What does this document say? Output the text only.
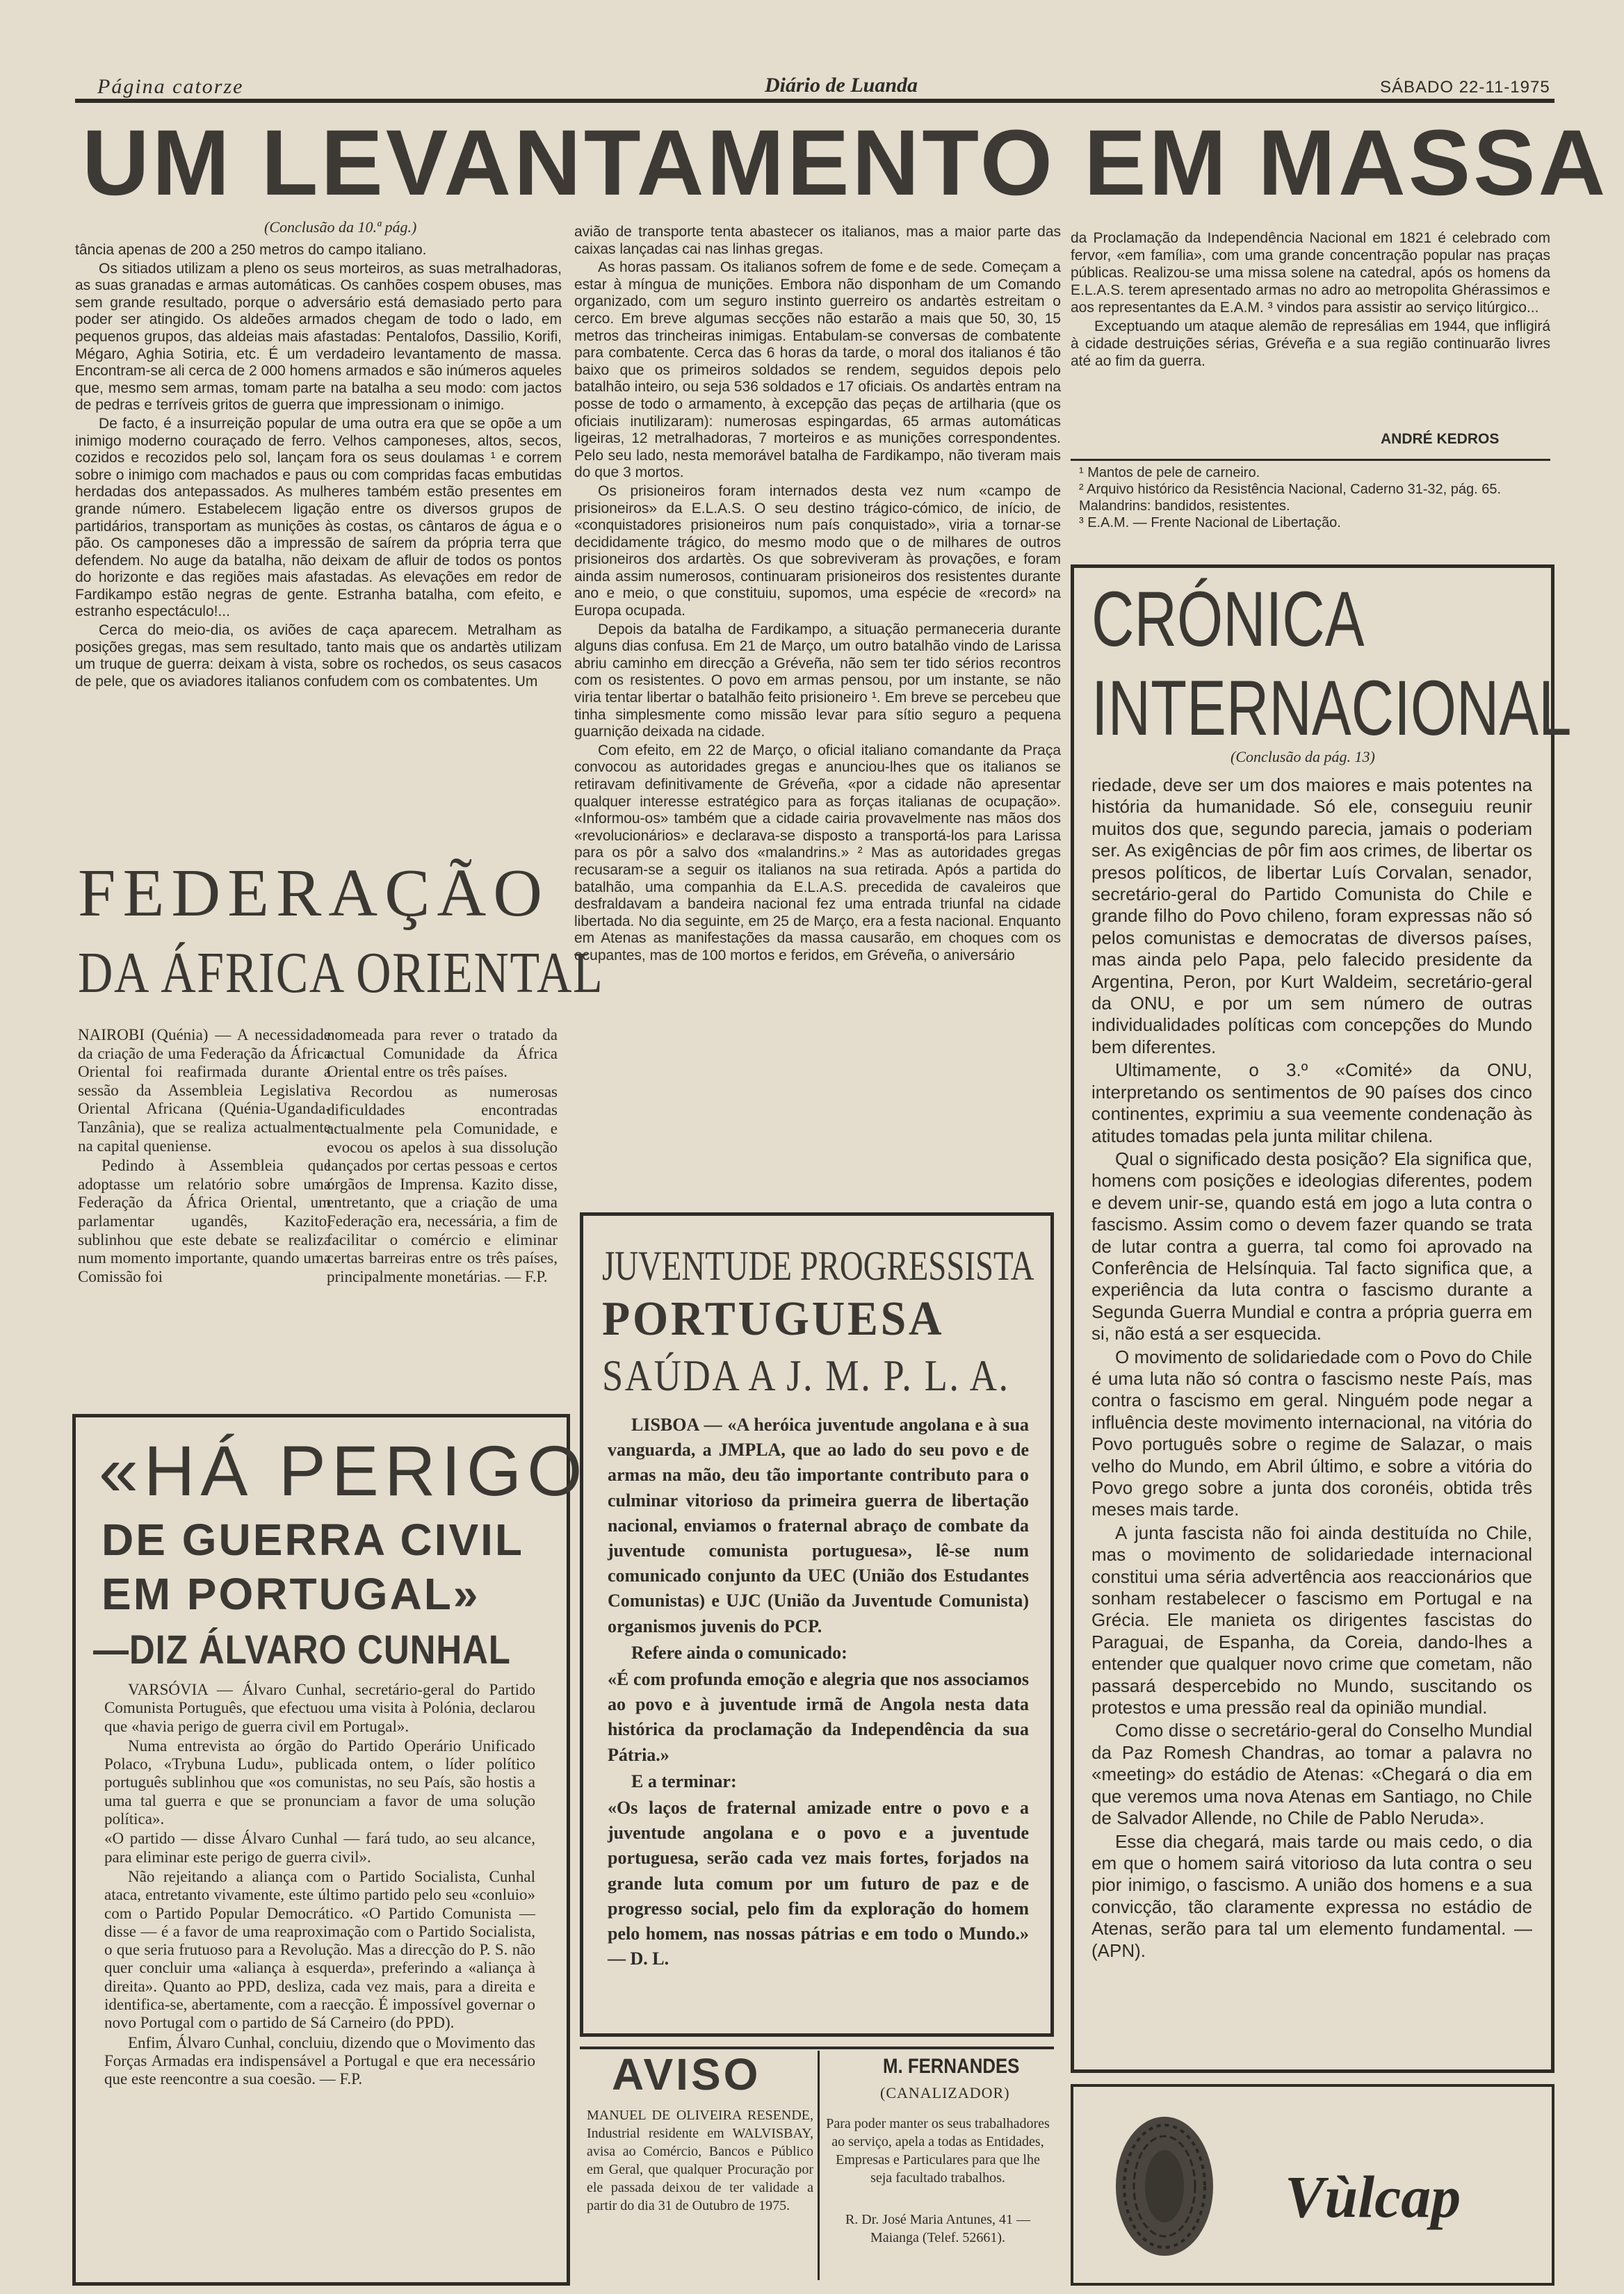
Página catorze	Diário de Luanda	SÁBADO 22-11-1975
UM LEVANTAMENTO EM MASSA
(Conclusão da 10.ª pág.)

tância apenas de 200 a 250 metros do campo italiano.

Os sitiados utilizam a pleno os seus morteiros, as suas metralhadoras, as suas granadas e armas automáticas. Os canhões cospem obuses, mas sem grande resultado, porque o adversário está demasiado perto para poder ser atingido. Os aldeões armados chegam de todo o lado, em pequenos grupos, das aldeias mais afastadas: Pentalofos, Dassilio, Korifi, Mégaro, Aghia Sotiria, etc. É um verdadeiro levantamento de massa. Encontram-se ali cerca de 2 000 homens armados e são inúmeros aqueles que, mesmo sem armas, tomam parte na batalha a seu modo: com jactos de pedras e terríveis gritos de guerra que impressionam o inimigo.

De facto, é a insurreição popular de uma outra era que se opõe a um inimigo moderno couraçado de ferro. Velhos camponeses, altos, secos, cozidos e recozidos pelo sol, lançam fora os seus doulamas ¹ e correm sobre o inimigo com machados e paus ou com compridas facas embutidas herdadas dos antepassados. As mulheres também estão presentes em grande número. Estabelecem ligação entre os diversos grupos de partidários, transportam as munições às costas, os cântaros de água e o pão. Os camponeses dão a impressão de saírem da própria terra que defendem. No auge da batalha, não deixam de afluir de todos os pontos do horizonte e das regiões mais afastadas. As elevações em redor de Fardikampo estão negras de gente. Estranha batalha, com efeito, e estranho espectáculo!...

Cerca do meio-dia, os aviões de caça aparecem. Metralham as posições gregas, mas sem resultado, tanto mais que os andartès utilizam um truque de guerra: deixam à vista, sobre os rochedos, os seus casacos de pele, que os aviadores italianos confudem com os combatentes. Um

avião de transporte tenta abastecer os italianos, mas a maior parte das caixas lançadas cai nas linhas gregas.

As horas passam. Os italianos sofrem de fome e de sede. Começam a estar à míngua de munições. Embora não disponham de um Comando organizado, com um seguro instinto guerreiro os andartès estreitam o cerco. Em breve algumas secções não estarão a mais que 50, 30, 15 metros das trincheiras inimigas. Entabulam-se conversas de combatente para combatente. Cerca das 6 horas da tarde, o moral dos italianos é tão baixo que os primeiros soldados se rendem, seguidos depois pelo batalhão inteiro, ou seja 536 soldados e 17 oficiais. Os andartès entram na posse de todo o armamento, à excepção das peças de artilharia (que os oficiais inutilizaram): numerosas espingardas, 65 armas automáticas ligeiras, 12 metralhadoras, 7 morteiros e as munições correspondentes. Pelo seu lado, nesta memorável batalha de Fardikampo, não tiveram mais do que 3 mortos.

Os prisioneiros foram internados desta vez num «campo de prisioneiros» da E.L.A.S. O seu destino trágico-cómico, de início, de «conquistadores prisioneiros num país conquistado», viria a tornar-se decididamente trágico, do mesmo modo que o de milhares de outros prisioneiros dos ardartès. Os que sobreviveram às provações, e foram ainda assim numerosos, continuaram prisioneiros dos resistentes durante ano e meio, o que constituiu, supomos, uma espécie de «record» na Europa ocupada.

Depois da batalha de Fardikampo, a situação permaneceria durante alguns dias confusa. Em 21 de Março, um outro batalhão vindo de Larissa abriu caminho em direcção a Gréveña, não sem ter tido sérios recontros com os resistentes. O povo em armas pensou, por um instante, se não viria tentar libertar o batalhão feito prisioneiro ¹. Em breve se percebeu que tinha simplesmente como missão levar para sítio seguro a pequena guarnição deixada na cidade.

Com efeito, em 22 de Março, o oficial italiano comandante da Praça convocou as autoridades gregas e anunciou-lhes que os italianos se retiravam definitivamente de Gréveña, «por a cidade não apresentar qualquer interesse estratégico para as forças italianas de ocupação». «Informou-os» também que a cidade cairia provavelmente nas mãos dos «revolucionários» e declarava-se disposto a transportá-los para Larissa para os pôr a salvo dos «malandrins.» ² Mas as autoridades gregas recusaram-se a seguir os italianos na sua retirada. Após a partida do batalhão, uma companhia da E.L.A.S. precedida de cavaleiros que desfraldavam a bandeira nacional fez uma entrada triunfal na cidade libertada. No dia seguinte, em 25 de Março, era a festa nacional. Enquanto em Atenas as manifestações da massa causarão, em choques com os ocupantes, mas de 100 mortos e feridos, em Gréveña, o aniversário

da Proclamação da Independência Nacional em 1821 é celebrado com fervor, «em família», com uma grande concentração popular nas praças públicas. Realizou-se uma missa solene na catedral, após os homens da E.L.A.S. terem apresentado armas no adro ao metropolita Ghérassimos e aos representantes da E.A.M. ³ vindos para assistir ao serviço litúrgico...

Exceptuando um ataque alemão de represálias em 1944, que infligirá à cidade destruições sérias, Gréveña e a sua região continuarão livres até ao fim da guerra.

ANDRÉ KEDROS
¹ Mantos de pele de carneiro.
² Arquivo histórico da Resistência Nacional, Caderno 31-32, pág. 65.
Malandrins: bandidos, resistentes.
³ E.A.M. — Frente Nacional de Libertação.
FEDERAÇÃO
DA ÁFRICA ORIENTAL

NAIROBI (Quénia) — A necessidade da criação de uma Federação da África Oriental foi reafirmada durante a sessão da Assembleia Legislativa Oriental Africana (Quénia-Uganda-Tanzânia), que se realiza actualmente na capital queniense.

Pedindo à Assembleia que adoptasse um relatório sobre uma Federação da África Oriental, um parlamentar ugandês, Kazito, sublinhou que este debate se realiza num momento importante, quando uma Comissão foi

nomeada para rever o tratado da actual Comunidade da África Oriental entre os três países.

Recordou as numerosas dificuldades encontradas actualmente pela Comunidade, e evocou os apelos à sua dissolução lançados por certas pessoas e certos órgãos de Imprensa. Kazito disse, entretanto, que a criação de uma Federação era, necessária, a fim de facilitar o comércio e eliminar certas barreiras entre os três países, principalmente monetárias. — F.P.

«HÁ PERIGO
DE GUERRA CIVIL
EM PORTUGAL»
—DIZ ÁLVARO CUNHAL

VARSÓVIA — Álvaro Cunhal, secretário-geral do Partido Comunista Português, que efectuou uma visita à Polónia, declarou que «havia perigo de guerra civil em Portugal».

Numa entrevista ao órgão do Partido Operário Unificado Polaco, «Trybuna Ludu», publicada ontem, o líder político português sublinhou que «os comunistas, no seu País, são hostis a uma tal guerra e que se pronunciam a favor de uma solução política».

«O partido — disse Álvaro Cunhal — fará tudo, ao seu alcance, para eliminar este perigo de guerra civil».

Não rejeitando a aliança com o Partido Socialista, Cunhal ataca, entretanto vivamente, este último partido pelo seu «conluio» com o Partido Popular Democrático. «O Partido Comunista — disse — é a favor de uma reaproximação com o Partido Socialista, o que seria frutuoso para a Revolução. Mas a direcção do P. S. não quer concluir uma «aliança à esquerda», preferindo a «aliança à direita». Quanto ao PPD, desliza, cada vez mais, para a direita e identifica-se, abertamente, com a raecção. É impossível governar o novo Portugal com o partido de Sá Carneiro (do PPD).

Enfim, Álvaro Cunhal, concluiu, dizendo que o Movimento das Forças Armadas era indispensável a Portugal e que era necessário que este reencontre a sua coesão. — F.P.

JUVENTUDE PROGRESSISTA
PORTUGUESA
SAÚDA A J. M. P. L. A.

LISBOA — «A heróica juventude angolana e à sua vanguarda, a JMPLA, que ao lado do seu povo e de armas na mão, deu tão importante contributo para o culminar vitorioso da primeira guerra de libertação nacional, enviamos o fraternal abraço de combate da juventude comunista portuguesa», lê-se num comunicado conjunto da UEC (União dos Estudantes Comunistas) e UJC (União da Juventude Comunista) organismos juvenis do PCP.

Refere ainda o comunicado:

«É com profunda emoção e alegria que nos associamos ao povo e à juventude irmã de Angola nesta data histórica da proclamação da Independência da sua Pátria.»

E a terminar:

«Os laços de fraternal amizade entre o povo e a juventude angolana e o povo e a juventude portuguesa, serão cada vez mais fortes, forjados na grande luta comum por um futuro de paz e de progresso social, pelo fim da exploração do homem pelo homem, nas nossas pátrias e em todo o Mundo.» — D. L.

CRÓNICA
INTERNACIONAL
(Conclusão da pág. 13)

riedade, deve ser um dos maiores e mais potentes na história da humanidade. Só ele, conseguiu reunir muitos dos que, segundo parecia, jamais o poderiam ser. As exigências de pôr fim aos crimes, de libertar os presos políticos, de libertar Luís Corvalan, senador, secretário-geral do Partido Comunista do Chile e grande filho do Povo chileno, foram expressas não só pelos comunistas e democratas de diversos países, mas ainda pelo Papa, pelo falecido presidente da Argentina, Peron, por Kurt Waldeim, secretário-geral da ONU, e por um sem número de outras individualidades políticas com concepções do Mundo bem diferentes.

Ultimamente, o 3.º «Comité» da ONU, interpretando os sentimentos de 90 países dos cinco continentes, exprimiu a sua veemente condenação às atitudes tomadas pela junta militar chilena.

Qual o significado desta posição? Ela significa que, homens com posições e ideologias diferentes, podem e devem unir-se, quando está em jogo a luta contra o fascismo. Assim como o devem fazer quando se trata de lutar contra a guerra, tal como foi aprovado na Conferência de Helsínquia. Tal facto significa que, a experiência da luta contra o fascismo durante a Segunda Guerra Mundial e contra a própria guerra em si, não está a ser esquecida.

O movimento de solidariedade com o Povo do Chile é uma luta não só contra o fascismo neste País, mas contra o fascismo em geral. Ninguém pode negar a influência deste movimento internacional, na vitória do Povo português sobre o regime de Salazar, o mais velho do Mundo, em Abril último, e sobre a vitória do Povo grego sobre a junta dos coronéis, obtida três meses mais tarde.

A junta fascista não foi ainda destituída no Chile, mas o movimento de solidariedade internacional constitui uma séria advertência aos reaccionários que sonham restabelecer o fascismo em Portugal e na Grécia. Ele manieta os dirigentes fascistas do Paraguai, de Espanha, da Coreia, dando-lhes a entender que qualquer novo crime que cometam, não passará despercebido no Mundo, suscitando os protestos e uma pressão real da opinião mundial.

Como disse o secretário-geral do Conselho Mundial da Paz Romesh Chandras, ao tomar a palavra no «meeting» do estádio de Atenas: «Chegará o dia em que veremos uma nova Atenas em Santiago, no Chile de Salvador Allende, no Chile de Pablo Neruda».

Esse dia chegará, mais tarde ou mais cedo, o dia em que o homem sairá vitorioso da luta contra o seu pior inimigo, o fascismo. A união dos homens e a sua convicção, tão claramente expressa no estádio de Atenas, serão para tal um elemento fundamental. — (APN).

AVISO
MANUEL DE OLIVEIRA RESENDE, Industrial residente em WALVISBAY, avisa ao Comércio, Bancos e Público em Geral, que qualquer Procuração por ele passada deixou de ter validade a partir do dia 31 de Outubro de 1975.
M. FERNANDES
(CANALIZADOR)
Para poder manter os seus trabalhadores ao serviço, apela a todas as Entidades, Empresas e Particulares para que lhe seja facultado trabalhos.
R. Dr. José Maria Antunes, 41 — Maianga (Telef. 52661).
Vùlcap
